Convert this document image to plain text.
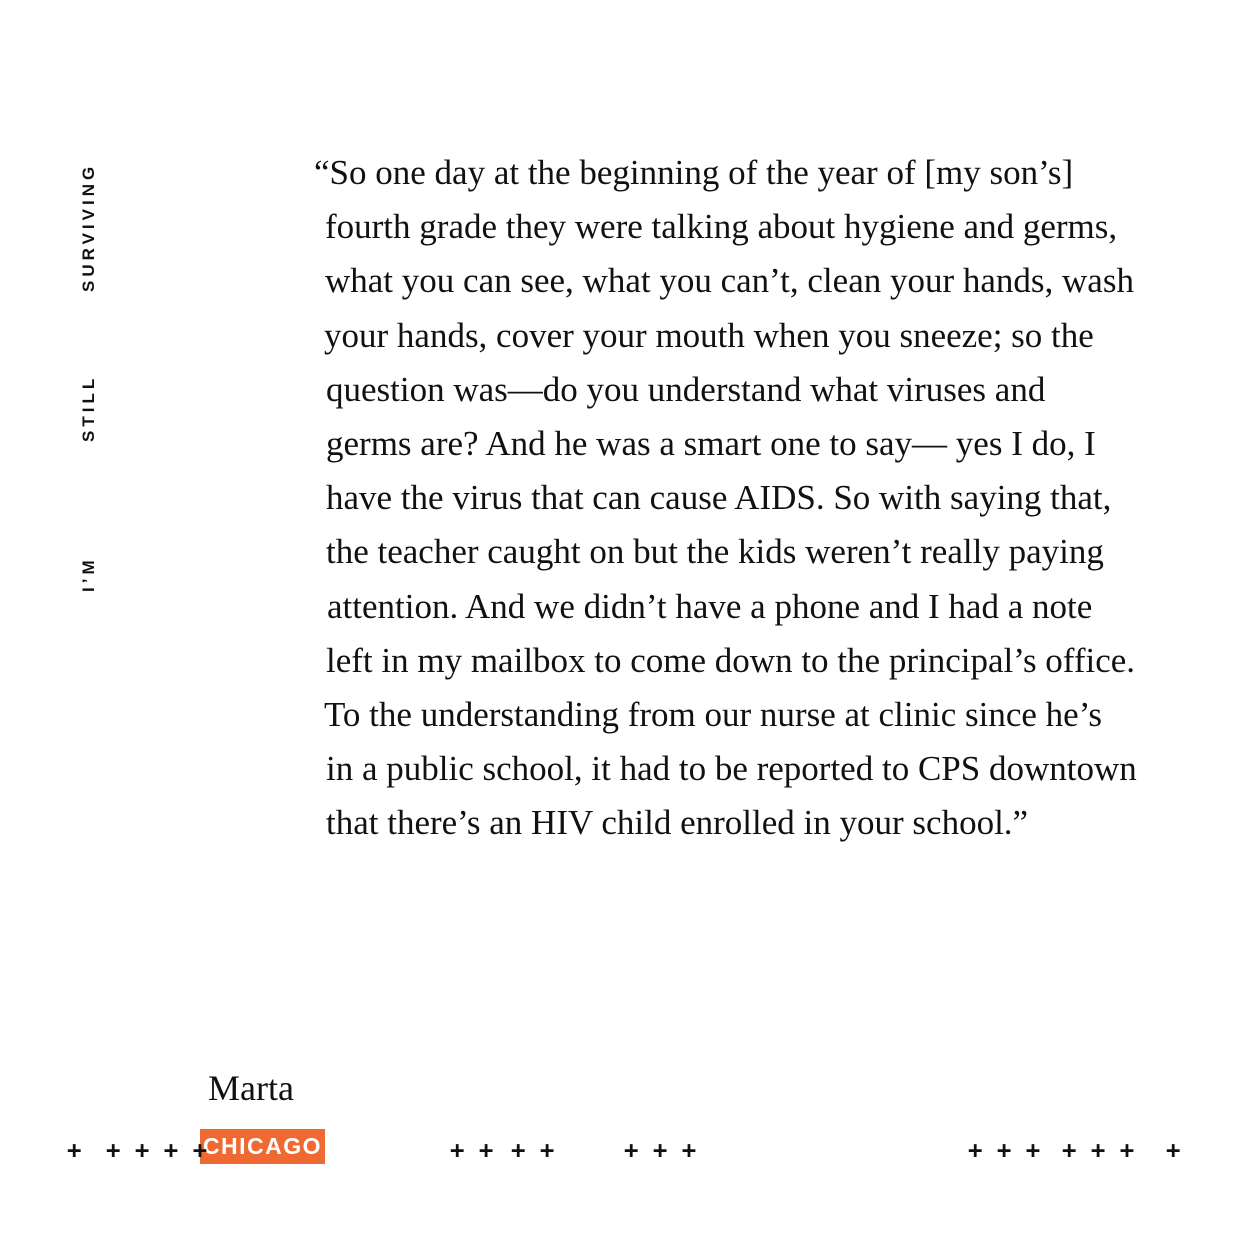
SURVIVING
STILL
I’M
“So one day at the beginning of the year of [my son’s]
fourth grade they were talking about hygiene and germs,
what you can see, what you can’t, clean your hands, wash
your hands, cover your mouth when you sneeze; so the
question was—do you understand what viruses and
germs are? And he was a smart one to say— yes I do, I
have the virus that can cause AIDS. So with saying that,
the teacher caught on but the kids weren’t really paying
attention. And we didn’t have a phone and I had a note
left in my mailbox to come down to the principal’s office.
To the understanding from our nurse at clinic since he’s
in a public school, it had to be reported to CPS downtown
that there’s an HIV child enrolled in your school.”
Marta
CHICAGO
+ + + + +	+ + + +	+ + +	+ + + + + + +
